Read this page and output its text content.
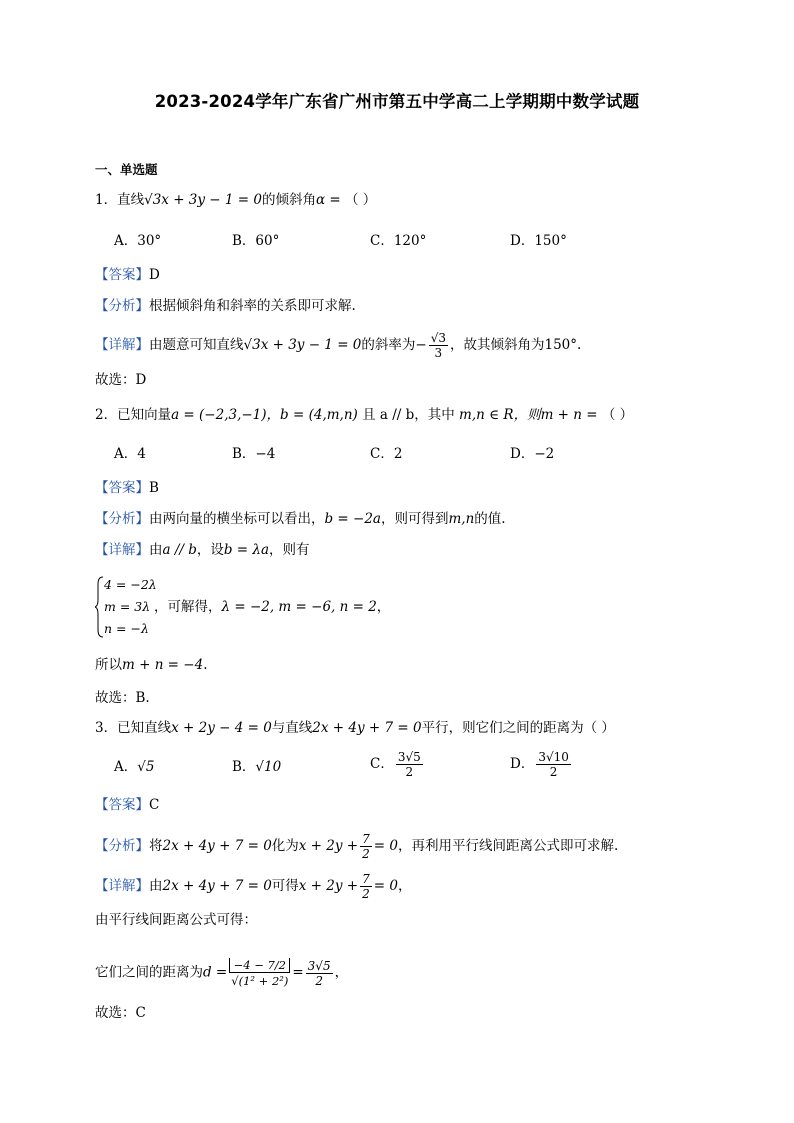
2023-2024学年广东省广州市第五中学高二上学期期中数学试题
一、单选题
1．直线√3x + 3y − 1 = 0的倾斜角α = （ ）
A．30°	B．60°	C．120°	D．150°
【答案】D
【分析】根据倾斜角和斜率的关系即可求解.
【详解】由题意可知直线√3x + 3y − 1 = 0的斜率为− $\frac{√3}{3}$ ，故其倾斜角为150°.
故选：D
2．已知向量a = (−2,3,−1)，b = (4,m,n) 且 a // b，其中 m,n ∈ R，则m + n = （ ）
A．4	B．−4	C．2	D．−2
【答案】B
【分析】由两向量的横坐标可以看出，b = −2a，则可得到m,n的值.
【详解】由a // b，设b = λa，则有
4 = −2λ
m = 3λ
n = −λ
，可解得，λ = −2, m = −6, n = 2，
所以m + n = −4.
故选：B.
3．已知直线x + 2y − 4 = 0与直线2x + 4y + 7 = 0平行，则它们之间的距离为（ ）
A．√5	B．√10	C． $\frac{3√5}{2}$	D． $\frac{3√10}{2}$
【答案】C
【分析】将2x + 4y + 7 = 0化为$x + 2y + \frac{7}{2} = 0$，再利用平行线间距离公式即可求解.
【详解】由2x + 4y + 7 = 0可得$x + 2y + \frac{7}{2} = 0$，
由平行线间距离公式可得：
它们之间的距离为$d = \frac{-4 - 7/2}{\text{√(1² + 2²)}} = \frac{3√5}{2}$ ，
故选：C
